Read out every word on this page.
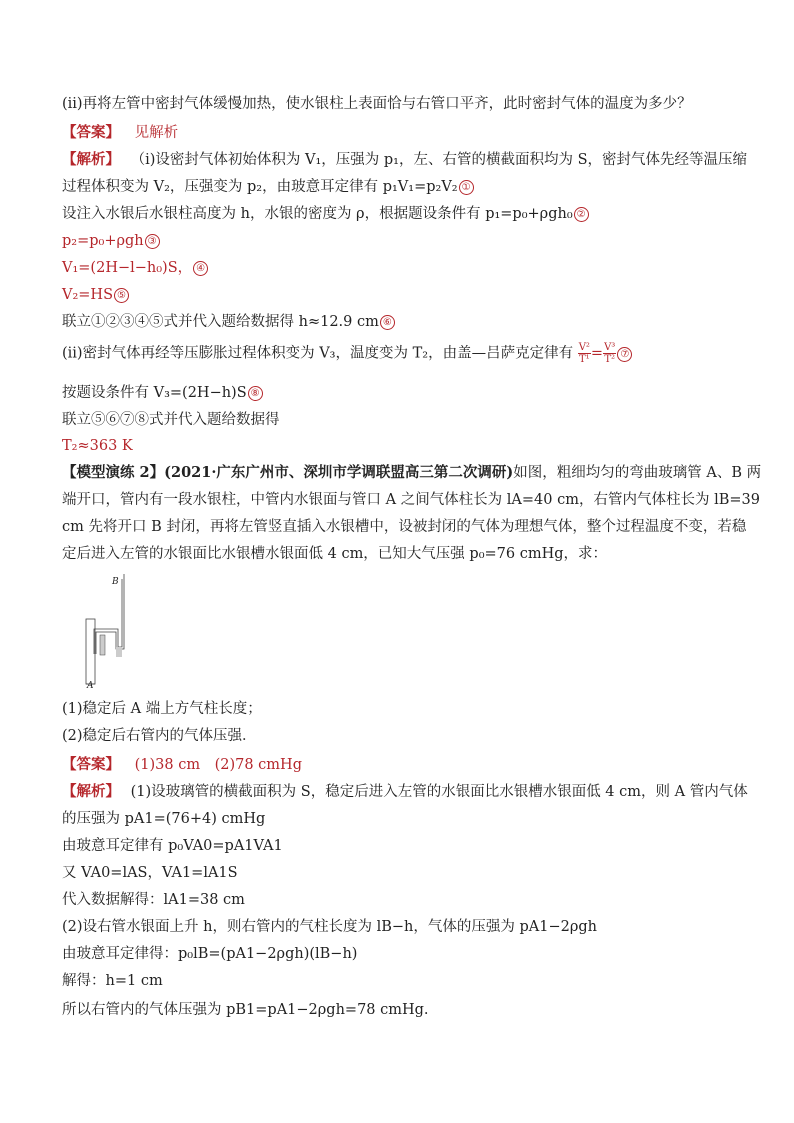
(ⅱ)再将左管中密封气体缓慢加热，使水银柱上表面恰与右管口平齐，此时密封气体的温度为多少？
【答案】 见解析
【解析】 （ⅰ)设密封气体初始体积为 V₁，压强为 p₁，左、右管的横截面积均为 S，密封气体先经等温压缩
过程体积变为 V₂，压强变为 p₂，由玻意耳定律有 p₁V₁=p₂V₂ ①
设注入水银后水银柱高度为 h，水银的密度为 ρ，根据题设条件有 p₁=p₀+ρgh₀ ②
p₂=p₀+ρgh ③
V₁=(2H−l−h₀)S， ④
V₂=HS ⑤
联立①②③④⑤式并代入题给数据得 h≈12.9 cm ⑥
(ⅱ)密封气体再经等压膨胀过程体积变为 V₃，温度变为 T₂，由盖—吕萨克定律有 $\frac{\text{V²}}{\text{T¹}} = \frac{\text{V³}}{\text{T²}}$ ⑦
按题设条件有 V₃=(2H−h)S ⑧
联立⑤⑥⑦⑧式并代入题给数据得
T₂≈363 K
【模型演练 2】(2021·广东广州市、深圳市学调联盟高三第二次调研)如图，粗细均匀的弯曲玻璃管 A、B 两
端开口，管内有一段水银柱，中管内水银面与管口 A 之间气体柱长为 lA=40 cm，右管内气体柱长为 lB=39
cm 先将开口 B 封闭，再将左管竖直插入水银槽中，设被封闭的气体为理想气体，整个过程温度不变，若稳
定后进入左管的水银面比水银槽水银面低 4 cm，已知大气压强 p₀=76 cmHg，求：
B
A
(1)稳定后 A 端上方气柱长度；
(2)稳定后右管内的气体压强．
【答案】 (1)38 cm　(2)78 cmHg
【解析】 (1)设玻璃管的横截面积为 S，稳定后进入左管的水银面比水银槽水银面低 4 cm，则 A 管内气体
的压强为 pA1=(76+4) cmHg
由玻意耳定律有 p₀VA0=pA1VA1
又 VA0=lAS，VA1=lA1S
代入数据解得：lA1=38 cm
(2)设右管水银面上升 h，则右管内的气柱长度为 lB−h，气体的压强为 pA1−2ρgh
由玻意耳定律得：p₀lB=(pA1−2ρgh)(lB−h)
解得：h=1 cm
所以右管内的气体压强为 pB1=pA1−2ρgh=78 cmHg.
